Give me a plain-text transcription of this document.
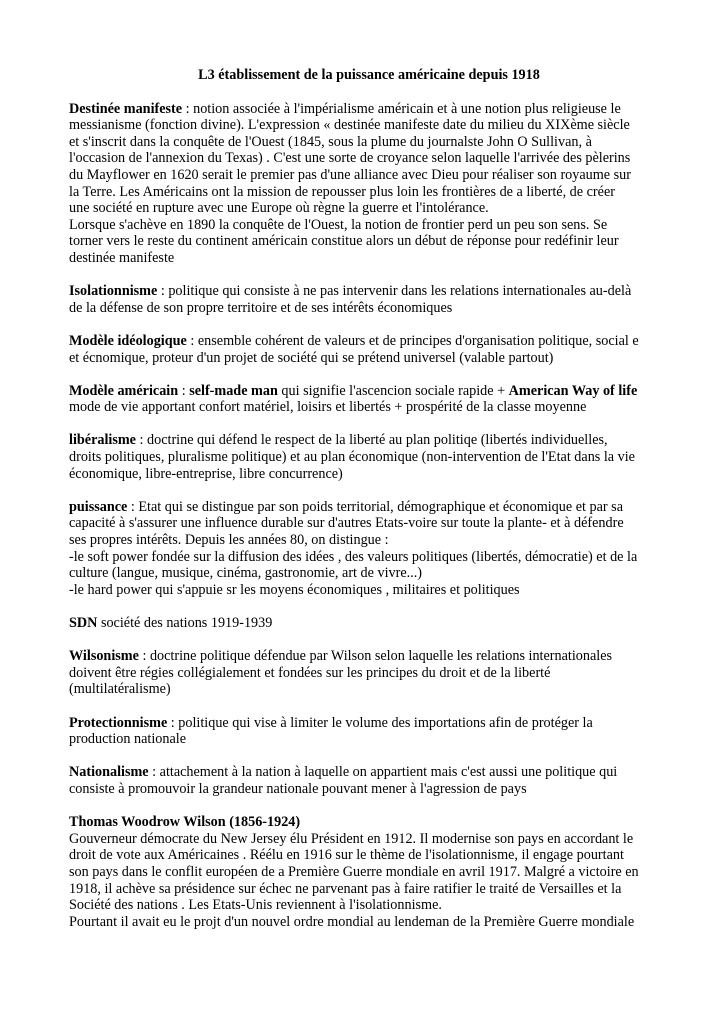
L3 établissement de la puissance américaine depuis 1918
Destinée manifeste : notion associée à l'impérialisme américain et à une notion plus religieuse le
messianisme (fonction divine). L'expression « destinée manifeste date du milieu du XIXème siècle
et s'inscrit dans la conquête de l'Ouest (1845, sous la plume du journalste John O Sullivan, à
l'occasion de l'annexion du Texas) . C'est une sorte de croyance selon laquelle l'arrivée des pèlerins
du Mayflower en 1620 serait le premier pas d'une alliance avec Dieu pour réaliser son royaume sur
la Terre. Les Américains ont la mission de repousser plus loin les frontières de a liberté, de créer
une société en rupture avec une Europe où règne la guerre et l'intolérance.
Lorsque s'achève en 1890 la conquête de l'Ouest, la notion de frontier perd un peu son sens. Se
torner vers le reste du continent américain constitue alors un début de réponse pour redéfinir leur
destinée manifeste
Isolationnisme : politique qui consiste à ne pas intervenir dans les relations internationales au-delà
de la défense de son propre territoire et de ses intérêts économiques
Modèle idéologique : ensemble cohérent de valeurs et de principes d'organisation politique, social e
et écnomique, proteur d'un projet de société qui se prétend universel (valable partout)
Modèle américain : self-made man qui signifie l'ascencion sociale rapide + American Way of life
mode de vie apportant confort matériel, loisirs et libertés + prospérité de la classe moyenne
libéralisme : doctrine qui défend le respect de la liberté au plan politiqe (libertés individuelles,
droits politiques, pluralisme politique) et au plan économique (non-intervention de l'Etat dans la vie
économique, libre-entreprise, libre concurrence)
puissance : Etat qui se distingue par son poids territorial, démographique et économique et par sa
capacité à s'assurer une influence durable sur d'autres Etats-voire sur toute la plante- et à défendre
ses propres intérêts. Depuis les années 80, on distingue :
-le soft power fondée sur la diffusion des idées , des valeurs politiques (libertés, démocratie) et de la
culture (langue, musique, cinéma, gastronomie, art de vivre...)
-le hard power qui s'appuie sr les moyens économiques , militaires et politiques
SDN société des nations 1919-1939
Wilsonisme : doctrine politique défendue par Wilson selon laquelle les relations internationales
doivent être régies collégialement et fondées sur les principes du droit et de la liberté
(multilatéralisme)
Protectionnisme : politique qui vise à limiter le volume des importations afin de protéger la
production nationale
Nationalisme : attachement à la nation à laquelle on appartient mais c'est aussi une politique qui
consiste à promouvoir la grandeur nationale pouvant mener à l'agression de pays
Thomas Woodrow Wilson (1856-1924)
Gouverneur démocrate du New Jersey élu Président en 1912. Il modernise son pays en accordant le
droit de vote aux Américaines . Réélu en 1916 sur le thème de l'isolationnisme, il engage pourtant
son pays dans le conflit européen de a Première Guerre mondiale en avril 1917. Malgré a victoire en
1918, il achève sa présidence sur échec ne parvenant pas à faire ratifier le traité de Versailles et la
Société des nations . Les Etats-Unis reviennent à l'isolationnisme.
Pourtant il avait eu le projt d'un nouvel ordre mondial au lendeman de la Première Guerre mondiale
